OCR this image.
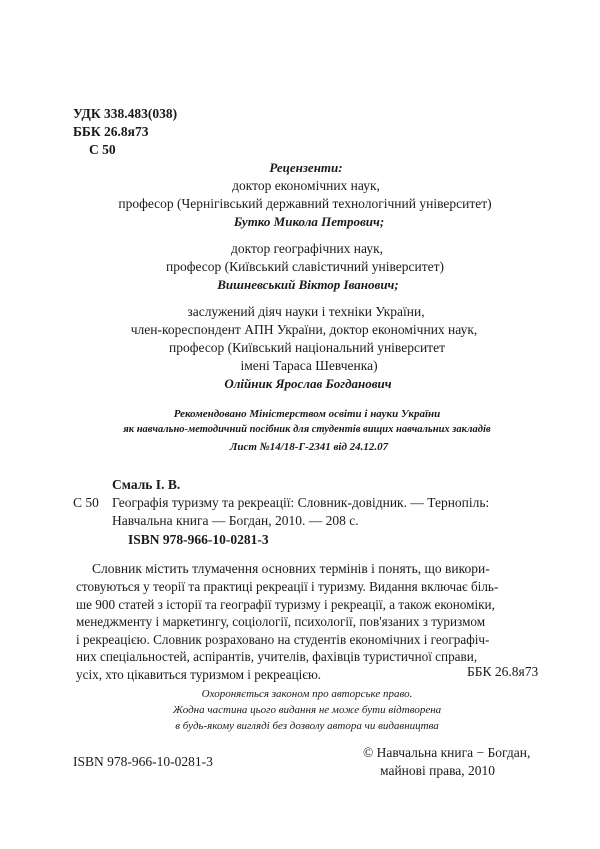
УДК 338.483(038)
ББК 26.8я73
С 50
Рецензенти:
доктор економічних наук,
професор (Чернігівський державний технологічний університет)
Бутко Микола Петрович;
доктор географічних наук,
професор (Київський славістичний університет)
Вишневський Віктор Іванович;
заслужений діяч науки і техніки України,
член-кореспондент АПН України, доктор економічних наук,
професор (Київський національний університет
імені Тараса Шевченка)
Олійник Ярослав Богданович
Рекомендовано Міністерством освіти і науки України
як навчально-методичний посібник для студентів вищих навчальних закладів
Лист №14/18-Г-2341 від 24.12.07
Смаль І. В.
С 50 Географія туризму та рекреації: Словник-довідник. — Тернопіль:
Навчальна книга — Богдан, 2010. — 208 с.
ISBN 978-966-10-0281-3
Словник містить тлумачення основних термінів і понять, що викори-
стовуються у теорії та практиці рекреації і туризму. Видання включає біль-
ше 900 статей з історії та географії туризму і рекреації, а також економіки,
менеджменту і маркетингу, соціології, психології, пов'язаних з туризмом
і рекреацією. Словник розраховано на студентів економічних і географіч-
них спеціальностей, аспірантів, учителів, фахівців туристичної справи,
усіх, хто цікавиться туризмом і рекреацією.	ББК 26.8я73
Охороняється законом про авторське право.
Жодна частина цього видання не може бути відтворена
в будь-якому вигляді без дозволу автора чи видавництва
ISBN 978-966-10-0281-3
© Навчальна книга − Богдан,
майнові права, 2010
